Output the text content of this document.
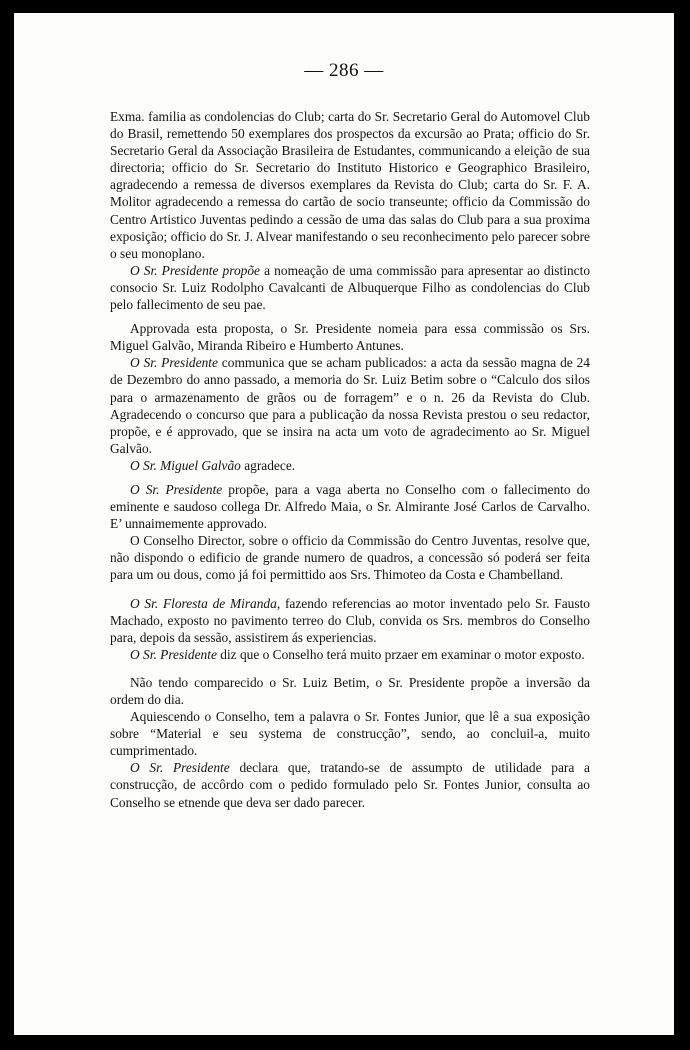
— 286 —

Exma. familia as condolencias do Club; carta do Sr. Secretario Geral do Automovel Club do Brasil, remettendo 50 exemplares dos prospectos da excursão ao Prata; officio do Sr. Secretario Geral da Associação Brasileira de Estudantes, communicando a eleição de sua directoria; officio do Sr. Secretario do Instituto Historico e Geographico Brasileiro, agradecendo a remessa de diversos exemplares da Revista do Club; carta do Sr. F. A. Molitor agradecendo a remessa do cartão de socio transeunte; officio da Commissão do Centro Artistico Juventas pedindo a cessão de uma das salas do Club para a sua proxima exposição; officio do Sr. J. Alvear manifestando o seu reconhecimento pelo parecer sobre o seu monoplano.

O Sr. Presidente propõe a nomeação de uma commissão para apresentar ao distincto consocio Sr. Luiz Rodolpho Cavalcanti de Albuquerque Filho as condolencias do Club pelo fallecimento de seu pae.

Approvada esta proposta, o Sr. Presidente nomeia para essa commissão os Srs. Miguel Galvão, Miranda Ribeiro e Humberto Antunes.

O Sr. Presidente communica que se acham publicados: a acta da sessão magna de 24 de Dezembro do anno passado, a memoria do Sr. Luiz Betim sobre o “Calculo dos silos para o armazenamento de grãos ou de forragem” e o n. 26 da Revista do Club. Agradecendo o concurso que para a publicação da nossa Revista prestou o seu redactor, propõe, e é approvado, que se insira na acta um voto de agradecimento ao Sr. Miguel Galvão.

O Sr. Miguel Galvão agradece.

O Sr. Presidente propõe, para a vaga aberta no Conselho com o fallecimento do eminente e saudoso collega Dr. Alfredo Maia, o Sr. Almirante José Carlos de Carvalho. E’ unnaimemente approvado.

O Conselho Director, sobre o officio da Commissão do Centro Juventas, resolve que, não dispondo o edificio de grande numero de quadros, a concessão só poderá ser feita para um ou dous, como já foi permittido aos Srs. Thimoteo da Costa e Chambelland.

O Sr. Floresta de Miranda, fazendo referencias ao motor inventado pelo Sr. Fausto Machado, exposto no pavimento terreo do Club, convida os Srs. membros do Conselho para, depois da sessão, assistirem ás experiencias.

O Sr. Presidente diz que o Conselho terá muito przaer em examinar o motor exposto.

Não tendo comparecido o Sr. Luiz Betim, o Sr. Presidente propõe a inversão da ordem do dia.

Aquiescendo o Conselho, tem a palavra o Sr. Fontes Junior, que lê a sua exposição sobre “Material e seu systema de construcção”, sendo, ao concluil-a, muito cumprimentado.

O Sr. Presidente declara que, tratando-se de assumpto de utilidade para a construcção, de accôrdo com o pedido formulado pelo Sr. Fontes Junior, consulta ao Conselho se etnende que deva ser dado parecer.
